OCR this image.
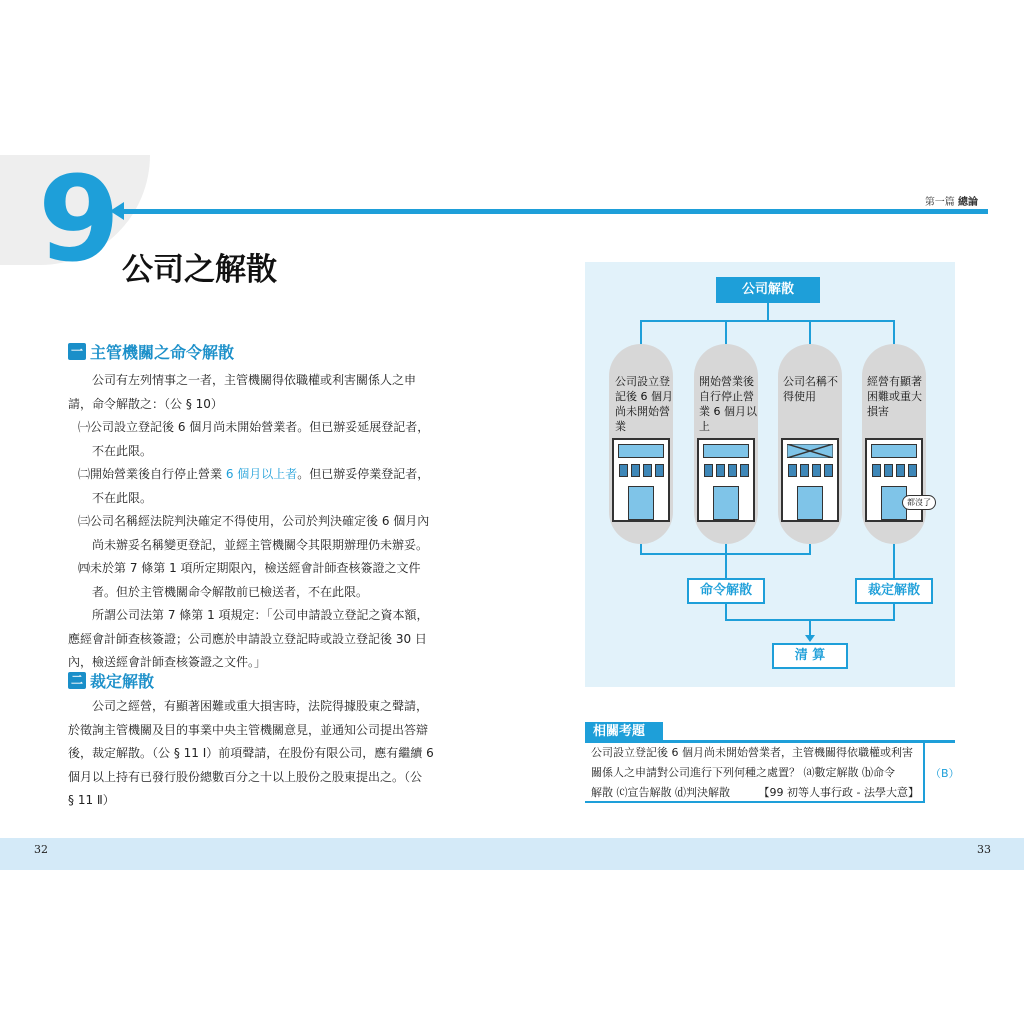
9	第一篇 總論
公司之解散
一 主管機關之命令解散

公司有左列情事之一者，主管機關得依職權或利害關係人之申

請，命令解散之：（公 § 10）

㈠公司設立登記後 6 個月尚未開始營業者。但已辦妥延展登記者，
不在此限。

㈡開始營業後自行停止營業 6 個月以上者。但已辦妥停業登記者，
不在此限。

㈢公司名稱經法院判決確定不得使用，公司於判決確定後 6 個月內
尚未辦妥名稱變更登記，並經主管機關令其限期辦理仍未辦妥。

㈣未於第 7 條第 1 項所定期限內，檢送經會計師查核簽證之文件
者。但於主管機關命令解散前已檢送者，不在此限。

所謂公司法第 7 條第 1 項規定：「公司申請設立登記之資本額，

應經會計師查核簽證；公司應於申請設立登記時或設立登記後 30 日

內，檢送經會計師查核簽證之文件。」

二 裁定解散

公司之經營，有顯著困難或重大損害時，法院得據股東之聲請，

於徵詢主管機關及目的事業中央主管機關意見，並通知公司提出答辯

後，裁定解散。（公 § 11 Ⅰ）前項聲請，在股份有限公司，應有繼續 6

個月以上持有已發行股份總數百分之十以上股份之股東提出之。（公

§ 11 Ⅱ）

公司解散
公司設立登記後 6 個月尚未開始營業
開始營業後自行停止營業 6 個月以上
公司名稱不得使用
經營有顯著困難或重大損害
都沒了
命令解散	裁定解散
清 算
相關考題
公司設立登記後 6 個月尚未開始營業者，主管機關得依職權或利害
關係人之申請對公司進行下列何種之處置？ ⒜數定解散 ⒝命令
解散 ⒞宣告解散 ⒟判決解散	【99 初等人事行政 - 法學大意】
（B）
32	33
